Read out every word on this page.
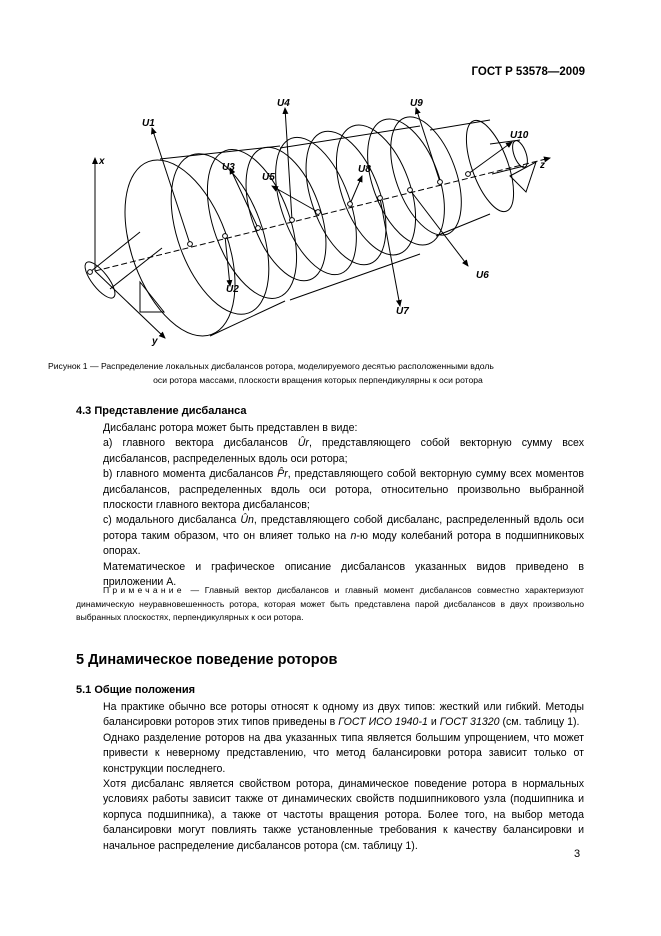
ГОСТ Р 53578—2009
x
y
z
U1
U2
U3
U4
U5
U6
U7
U8
U9
U10
Рисунок 1 — Распределение локальных дисбалансов ротора, моделируемого десятью расположенными вдоль
оси ротора массами, плоскости вращения которых перпендикулярны к оси ротора
4.3 Представление дисбаланса
Дисбаланс ротора может быть представлен в виде:
а) главного вектора дисбалансов Ûr, представляющего собой векторную сумму всех дисбалансов, распределенных вдоль оси ротора;
b) главного момента дисбалансов P̂r, представляющего собой векторную сумму всех моментов дисбалансов, распределенных вдоль оси ротора, относительно произвольно выбранной плоскости главного вектора дисбалансов;
c) модального дисбаланса Ûn, представляющего собой дисбаланс, распределенный вдоль оси ротора таким образом, что он влияет только на n-ю моду колебаний ротора в подшипниковых опорах.
Математическое и графическое описание дисбалансов указанных видов приведено в приложении А.
Примечание — Главный вектор дисбалансов и главный момент дисбалансов совместно характеризуют динамическую неуравновешенность ротора, которая может быть представлена парой дисбалансов в двух произвольно выбранных плоскостях, перпендикулярных к оси ротора.
5 Динамическое поведение роторов
5.1 Общие положения
На практике обычно все роторы относят к одному из двух типов: жесткий или гибкий. Методы балансировки роторов этих типов приведены в ГОСТ ИСО 1940-1 и ГОСТ 31320 (см. таблицу 1).
Однако разделение роторов на два указанных типа является большим упрощением, что может привести к неверному представлению, что метод балансировки ротора зависит только от конструкции последнего.
Хотя дисбаланс является свойством ротора, динамическое поведение ротора в нормальных условиях работы зависит также от динамических свойств подшипникового узла (подшипника и корпуса подшипника), а также от частоты вращения ротора. Более того, на выбор метода балансировки могут повлиять также установленные требования к качеству балансировки и начальное распределение дисбалансов ротора (см. таблицу 1).
3
